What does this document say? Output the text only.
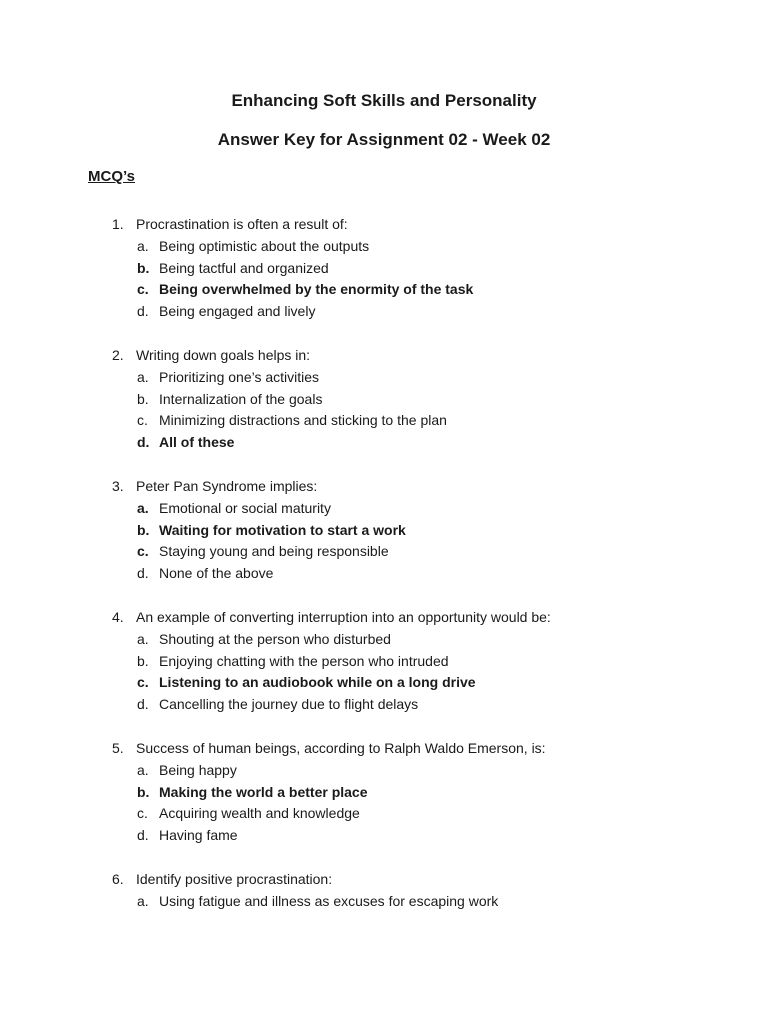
Enhancing Soft Skills and Personality
Answer Key for Assignment 02 - Week 02
MCQ’s
1. Procrastination is often a result of:
a. Being optimistic about the outputs
b. Being tactful and organized
c. Being overwhelmed by the enormity of the task
d. Being engaged and lively
2. Writing down goals helps in:
a. Prioritizing one’s activities
b. Internalization of the goals
c. Minimizing distractions and sticking to the plan
d. All of these
3. Peter Pan Syndrome implies:
a. Emotional or social maturity
b. Waiting for motivation to start a work
c. Staying young and being responsible
d. None of the above
4. An example of converting interruption into an opportunity would be:
a. Shouting at the person who disturbed
b. Enjoying chatting with the person who intruded
c. Listening to an audiobook while on a long drive
d. Cancelling the journey due to flight delays
5. Success of human beings, according to Ralph Waldo Emerson, is:
a. Being happy
b. Making the world a better place
c. Acquiring wealth and knowledge
d. Having fame
6. Identify positive procrastination:
a. Using fatigue and illness as excuses for escaping work
